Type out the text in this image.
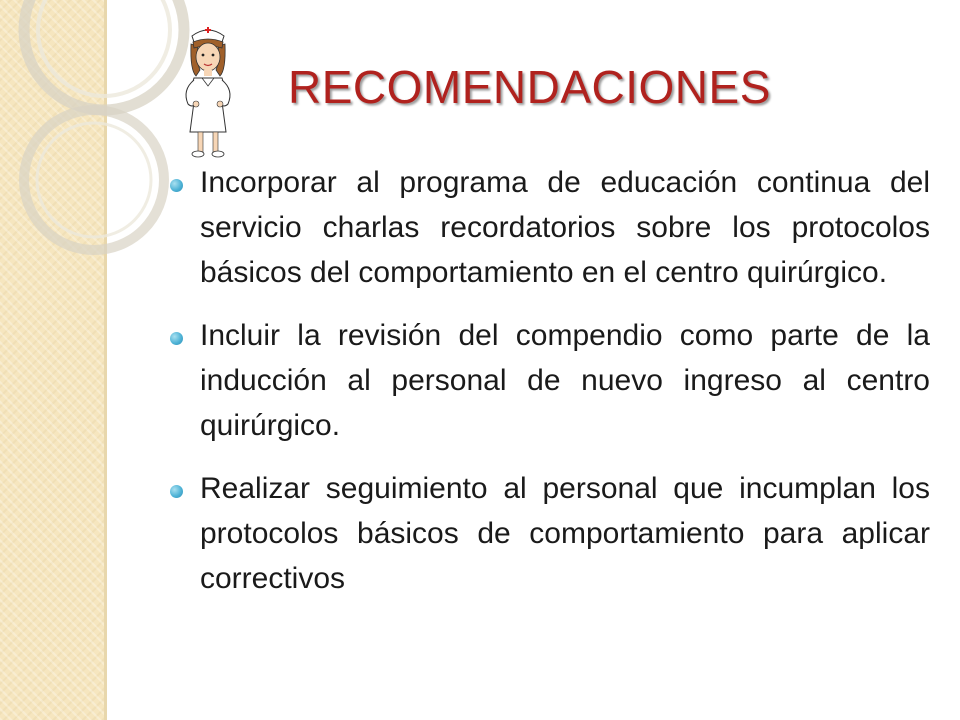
RECOMENDACIONES
Incorporar al programa de educación continua del servicio charlas recordatorios sobre los protocolos básicos del comportamiento en el centro quirúrgico.
Incluir la revisión del compendio como parte de la inducción al personal de nuevo ingreso al centro quirúrgico.
Realizar seguimiento al personal que incumplan los protocolos básicos de comportamiento para aplicar correctivos
